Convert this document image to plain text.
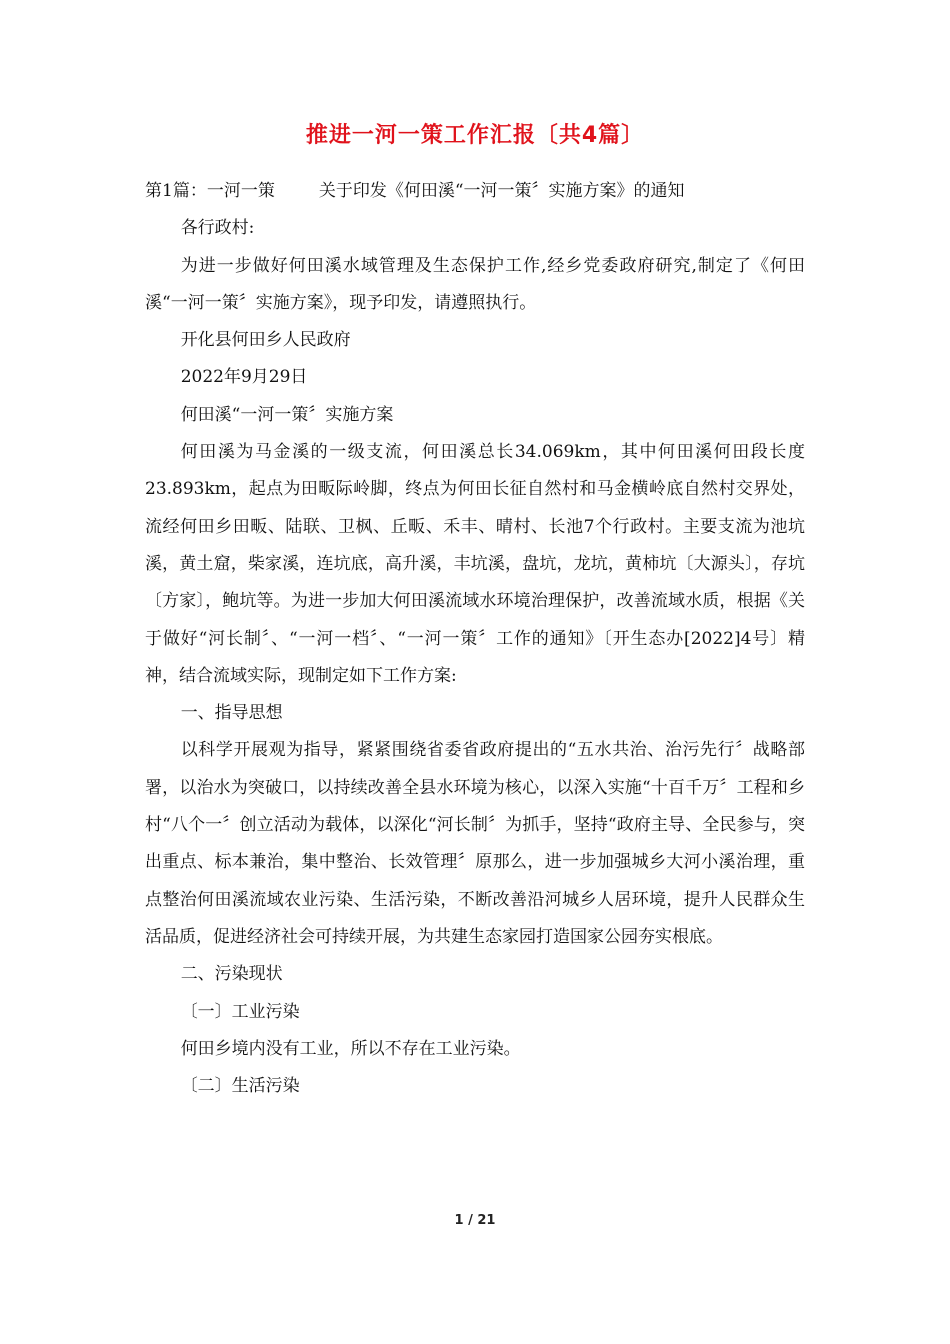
推进一河一策工作汇报〔共4篇〕

第1篇：一河一策	关于印发《何田溪“一河一策〞实施方案》的通知

各行政村:

为进一步做好何田溪水域管理及生态保护工作,经乡党委政府研究,制定了《何田溪“一河一策〞实施方案》，现予印发，请遵照执行。

开化县何田乡人民政府

2022年9月29日

何田溪“一河一策〞实施方案

何田溪为马金溪的一级支流，何田溪总长34.069km，其中何田溪何田段长度23.893km，起点为田畈际岭脚，终点为何田长征自然村和马金横岭底自然村交界处，流经何田乡田畈、陆联、卫枫、丘畈、禾丰、晴村、长池7个行政村。主要支流为池坑溪，黄土窟，柴家溪，连坑底，高升溪，丰坑溪，盘坑，龙坑，黄柿坑〔大源头〕，存坑〔方家〕，鲍坑等。为进一步加大何田溪流域水环境治理保护，改善流域水质，根据《关于做好“河长制〞、“一河一档〞、“一河一策〞工作的通知》〔开生态办[2022]4号〕精神，结合流域实际，现制定如下工作方案:

一、指导思想

以科学开展观为指导，紧紧围绕省委省政府提出的“五水共治、治污先行〞战略部署，以治水为突破口，以持续改善全县水环境为核心，以深入实施“十百千万〞工程和乡村“八个一〞创立活动为载体，以深化“河长制〞为抓手，坚持“政府主导、全民参与，突出重点、标本兼治，集中整治、长效管理〞原那么，进一步加强城乡大河小溪治理，重点整治何田溪流域农业污染、生活污染，不断改善沿河城乡人居环境，提升人民群众生活品质，促进经济社会可持续开展，为共建生态家园打造国家公园夯实根底。

二、污染现状

〔一〕工业污染

何田乡境内没有工业，所以不存在工业污染。

〔二〕生活污染

1 / 21
